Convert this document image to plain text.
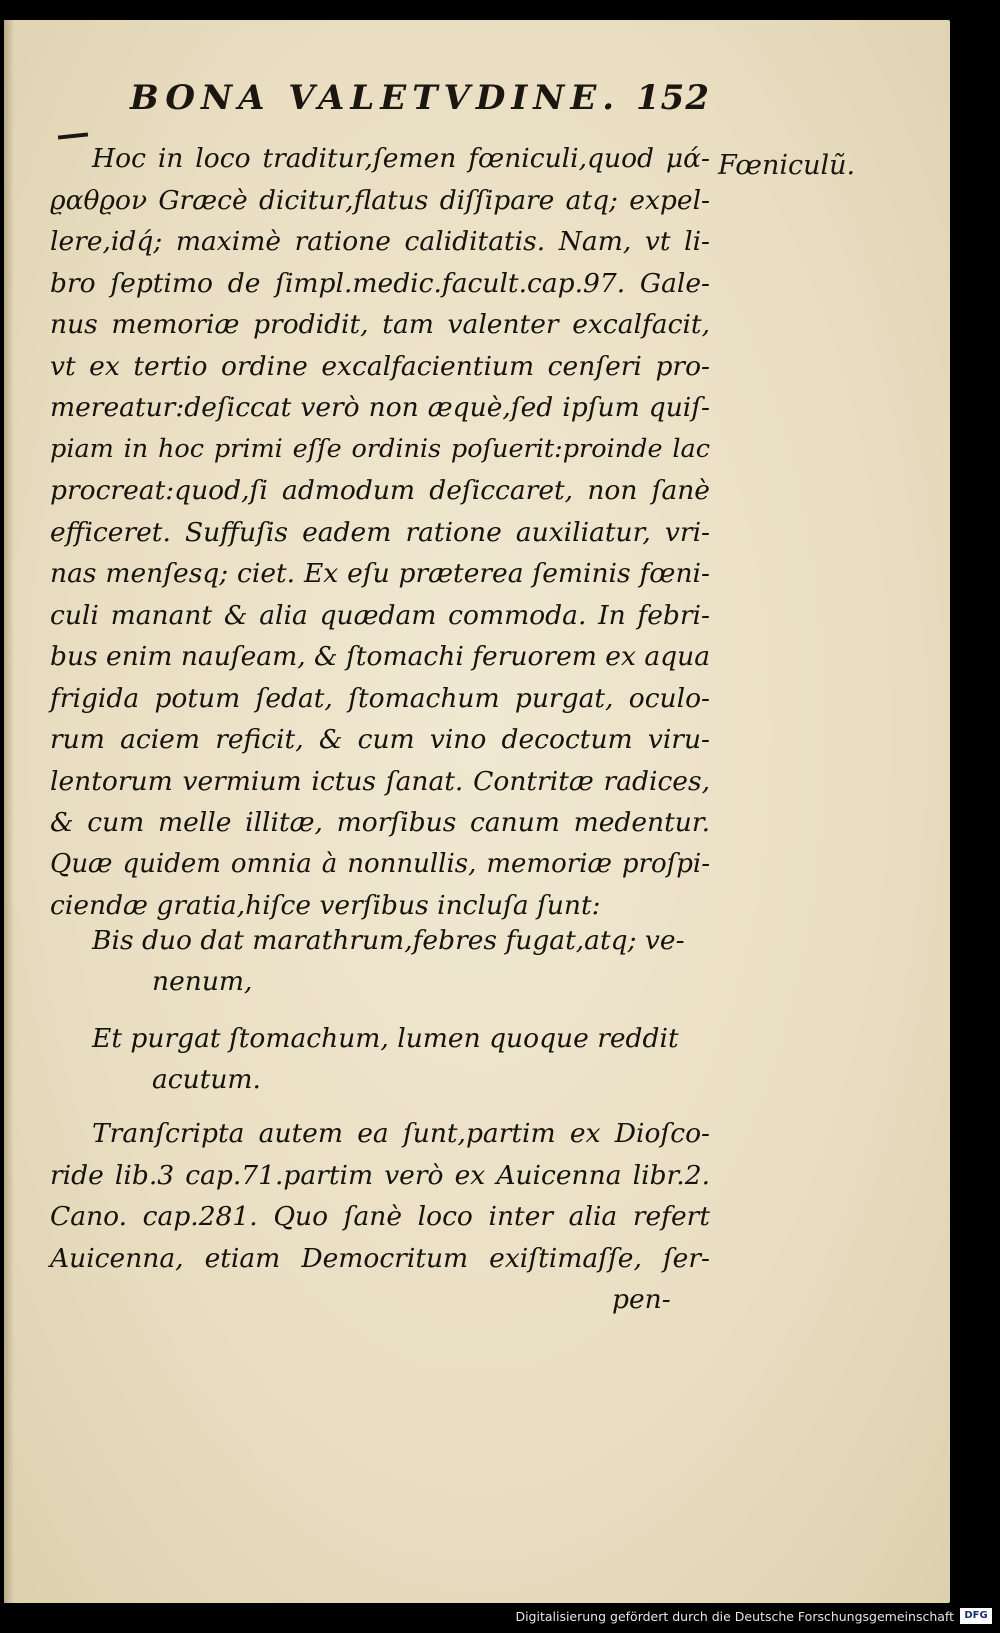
BONA VALETVDINE. 152
Fœniculũ.
Hoc in loco traditur,ſemen fœniculi,quod μά-
ϱαθϱον Græcè dicitur,flatus diſſipare atq; expel-
lere,idq́; maximè ratione caliditatis. Nam, vt li-
bro ſeptimo de ſimpl.medic.facult.cap.97. Gale-
nus memoriæ prodidit, tam valenter excalfacit,
vt ex tertio ordine excalfacientium cenſeri pro-
mereatur:deſiccat verò non æquè,ſed ipſum quiſ-
piam in hoc primi eſſe ordinis poſuerit:proinde lac
procreat:quod,ſi admodum deſiccaret, non ſanè
efficeret. Suffuſis eadem ratione auxiliatur, vri-
nas menſesq; ciet. Ex eſu præterea ſeminis fœni-
culi manant & alia quædam commoda. In febri-
bus enim nauſeam, & ſtomachi feruorem ex aqua
frigida potum ſedat, ſtomachum purgat, oculo-
rum aciem reficit, & cum vino decoctum viru-
lentorum vermium ictus ſanat. Contritæ radices,
& cum melle illitæ, morſibus canum medentur.
Quæ quidem omnia à nonnullis, memoriæ proſpi-
ciendæ gratia,hiſce verſibus incluſa ſunt:
Bis duo dat marathrum,febres fugat,atq; ve-
nenum,
Et purgat ſtomachum, lumen quoque reddit
acutum.
Tranſcripta autem ea ſunt,partim ex Dioſco-
ride lib.3 cap.71.partim verò ex Auicenna libr.2.
Cano. cap.281. Quo ſanè loco inter alia refert
Auicenna, etiam Democritum exiſtimaſſe, ſer-
pen-
Digitalisierung gefördert durch die Deutsche Forschungsgemeinschaft	DFG
